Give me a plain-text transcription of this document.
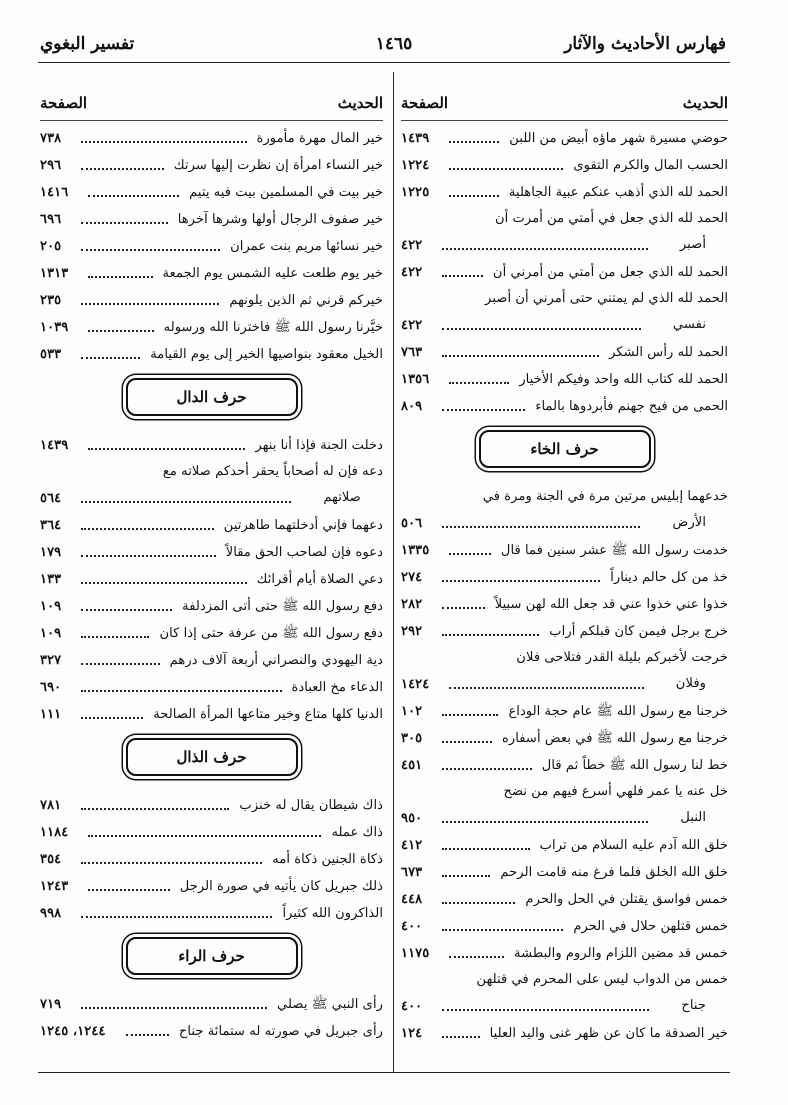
فهارس الأحاديث والآثار
١٤٦٥
تفسير البغوي
الحديث
الصفحة
حوضي مسيرة شهر ماؤه أبيض من اللبن
١٤٣٩
الحسب المال والكرم التقوى
١٢٢٤
الحمد لله الذي أذهب عنكم عبية الجاهلية
١٢٢٥
الحمد لله الذي جعل في أمتي من أمرت أن
أصبر
٤٢٢
الحمد لله الذي جعل من أمتي من أمرني أن
٤٢٢
الحمد لله الذي لم يمتني حتى أمرني أن أصبر
نفسي
٤٢٢
الحمد لله رأس الشكر
٧٦٣
الحمد لله كتاب الله واحد وفيكم الأخيار
١٣٥٦
الحمى من فيح جهنم فأبردوها بالماء
٨٠٩
حرف الخاء
خدعهما إبليس مرتين مرة في الجنة ومرة في
الأرض
٥٠٦
خدمت رسول الله ﷺ عشر سنين فما قال
١٣٣٥
خذ من كل حالم ديناراً
٢٧٤
خذوا عني خذوا عني قد جعل الله لهن سبيلاً
٢٨٢
خرج برجل فيمن كان قبلكم أراب
٢٩٢
خرجت لأخبركم بليلة القدر فتلاحى فلان
وفلان
١٤٢٤
خرجنا مع رسول الله ﷺ عام حجة الوداع
١٠٢
خرجنا مع رسول الله ﷺ في بعض أسفاره
٣٠٥
خط لنا رسول الله ﷺ خطاً ثم قال
٤٥١
خل عنه يا عمر فلهي أسرع فيهم من نضح
النبل
٩٥٠
خلق الله آدم عليه السلام من تراب
٤١٢
خلق الله الخلق فلما فرغ منه قامت الرحم
٦٧٣
خمس فواسق يقتلن في الحل والحرم
٤٤٨
خمس قتلهن حلال في الحرم
٤٠٠
خمس قد مضين اللزام والروم والبطشة
١١٧٥
خمس من الدواب ليس على المحرم في قتلهن
جناح
٤٠٠
خير الصدقة ما كان عن ظهر غنى واليد العليا
١٢٤
الحديث
الصفحة
خير المال مهرة مأمورة
٧٣٨
خير النساء امرأة إن نظرت إليها سرتك
٢٩٦
خير بيت في المسلمين بيت فيه يتيم
١٤١٦
خير صفوف الرجال أولها وشرها آخرها
٦٩٦
خير نسائها مريم بنت عمران
٢٠٥
خير يوم طلعت عليه الشمس يوم الجمعة
١٣١٣
خيركم قرني ثم الذين يلونهم
٢٣٥
خيَّرنا رسول الله ﷺ فاخترنا الله ورسوله
١٠٣٩
الخيل معقود بنواصيها الخير إلى يوم القيامة
٥٣٣
حرف الدال
دخلت الجنة فإذا أنا بنهر
١٤٣٩
دعه فإن له أصحاباً يحقر أحدكم صلاته مع
صلاتهم
٥٦٤
دعهما فإني أدخلتهما طاهرتين
٣٦٤
دعوه فإن لصاحب الحق مقالاً
١٧٩
دعي الصلاة أيام أقرائك
١٣٣
دفع رسول الله ﷺ حتى أتى المزدلفة
١٠٩
دفع رسول الله ﷺ من عرفة حتى إذا كان
١٠٩
دية اليهودي والنصراني أربعة آلاف درهم
٣٢٧
الدعاء مخ العبادة
٦٩٠
الدنيا كلها متاع وخير متاعها المرأة الصالحة
١١١
حرف الذال
ذاك شيطان يقال له خنزب
٧٨١
ذاك عمله
١١٨٤
ذكاة الجنين ذكاة أمه
٣٥٤
ذلك جبريل كان يأتيه في صورة الرجل
١٢٤٣
الذاكرون الله كثيراً
٩٩٨
حرف الراء
رأى النبي ﷺ يصلي
٧١٩
رأى جبريل في صورته له ستمائة جناح
١٢٤٤، ١٢٤٥
